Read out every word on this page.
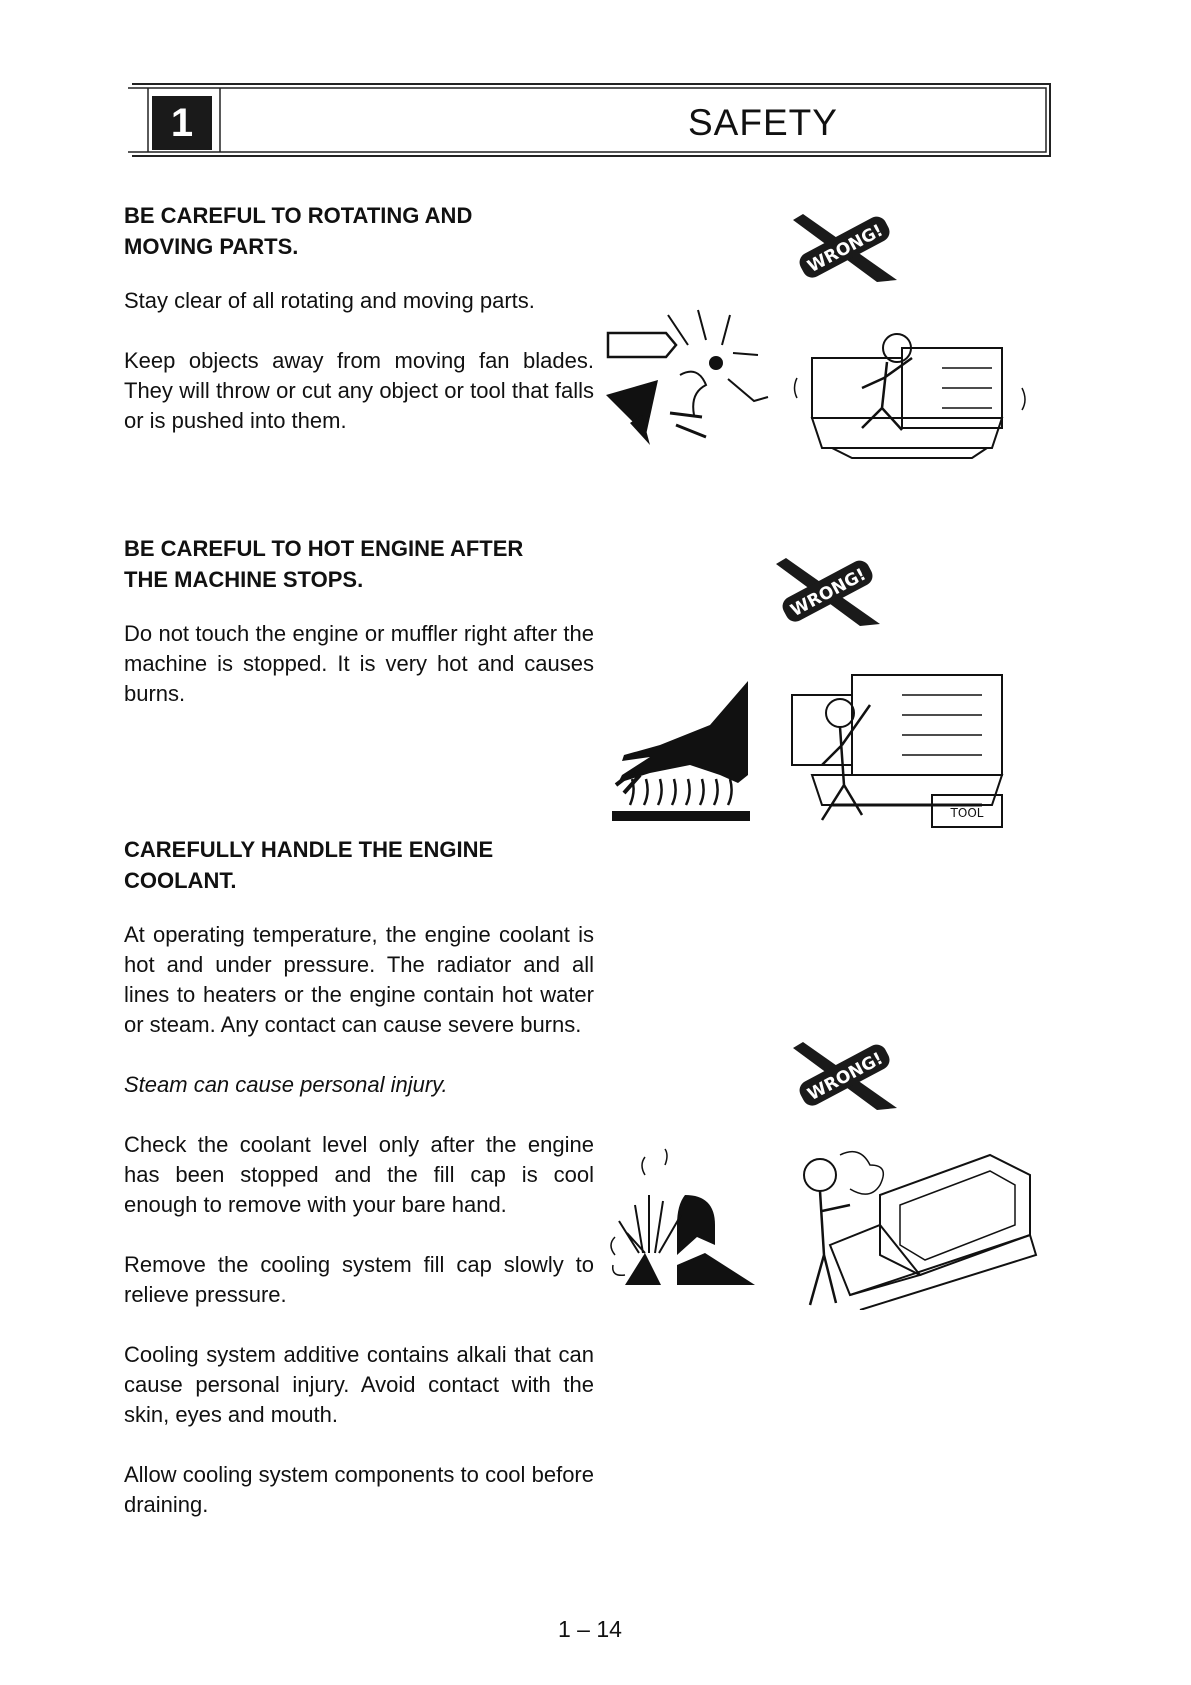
1	SAFETY

BE CAREFUL TO ROTATING AND
MOVING PARTS.

Stay clear of all rotating and moving parts.

Keep objects away from moving fan blades. They will throw or cut any object or tool that falls or is pushed into them.

BE CAREFUL TO HOT ENGINE AFTER
THE MACHINE STOPS.

Do not touch the engine or muffler right after the machine is stopped. It is very hot and causes burns.

CAREFULLY HANDLE THE ENGINE
COOLANT.

At operating temperature, the engine coolant is hot and under pressure. The radiator and all lines to heaters or the engine contain hot water or steam. Any contact can cause severe burns.

Steam can cause personal injury.

Check the coolant level only after the engine has been stopped and the fill cap is cool enough to remove with your bare hand.

Remove the cooling system fill cap slowly to relieve pressure.

Cooling system additive contains alkali that can cause personal injury. Avoid contact with the skin, eyes and mouth.

Allow cooling system components to cool before draining.

WRONG!
WRONG!
WRONG!
TOOL
1 – 14
